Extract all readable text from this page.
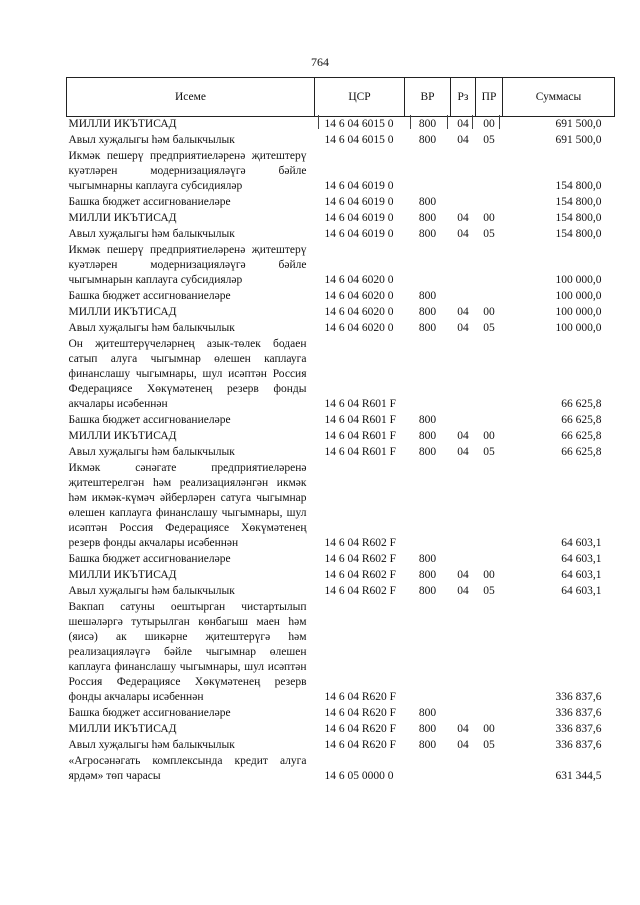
764
Исеме	ЦСР	ВР	Рз	ПР	Суммасы
МИЛЛИ ИКЪТИСАД	14 6 04 6015 0	800	04	00	691 500,0
Авыл хуҗалыгы һәм балыкчылык	14 6 04 6015 0	800	04	05	691 500,0
Икмәк пешерү предприятиеләренә җитештерү куәтләрен модернизацияләүгә бәйле чыгымнарны каплауга субсидияләр	14 6 04 6019 0				154 800,0
Башка бюджет ассигнованиеләре	14 6 04 6019 0	800			154 800,0
МИЛЛИ ИКЪТИСАД	14 6 04 6019 0	800	04	00	154 800,0
Авыл хуҗалыгы һәм балыкчылык	14 6 04 6019 0	800	04	05	154 800,0
Икмәк пешерү предприятиеләренә җитештерү куәтләрен модернизацияләүгә бәйле чыгымнарын каплауга субсидияләр	14 6 04 6020 0				100 000,0
Башка бюджет ассигнованиеләре	14 6 04 6020 0	800			100 000,0
МИЛЛИ ИКЪТИСАД	14 6 04 6020 0	800	04	00	100 000,0
Авыл хуҗалыгы һәм балыкчылык	14 6 04 6020 0	800	04	05	100 000,0
Он җитештерүчеләрнең азык-төлек бодаен сатып алуга чыгымнар өлешен каплауга финанслашу чыгымнары, шул исәптән Россия Федерациясе Хөкүмәтенең резерв фонды акчалары исәбеннән	14 6 04 R601 F				66 625,8
Башка бюджет ассигнованиеләре	14 6 04 R601 F	800			66 625,8
МИЛЛИ ИКЪТИСАД	14 6 04 R601 F	800	04	00	66 625,8
Авыл хуҗалыгы һәм балыкчылык	14 6 04 R601 F	800	04	05	66 625,8
Икмәк сәнәгате предприятиеләренә җитештерелгән һәм реализацияләнгән икмәк һәм икмәк-күмәч әйберләрен сатуга чыгымнар өлешен каплауга финанслашу чыгымнары, шул исәптән Россия Федерациясе Хөкүмәтенең резерв фонды акчалары исәбеннән	14 6 04 R602 F				64 603,1
Башка бюджет ассигнованиеләре	14 6 04 R602 F	800			64 603,1
МИЛЛИ ИКЪТИСАД	14 6 04 R602 F	800	04	00	64 603,1
Авыл хуҗалыгы һәм балыкчылык	14 6 04 R602 F	800	04	05	64 603,1
Вакпап сатуны оештырган чистартылып шешәләргә тутырылган көнбагыш маен һәм (яисә) ак шикәрне җитештерүгә һәм реализацияләүгә бәйле чыгымнар өлешен каплауга финанслашу чыгымнары, шул исәптән Россия Федерациясе Хөкүмәтенең резерв фонды акчалары исәбеннән	14 6 04 R620 F				336 837,6
Башка бюджет ассигнованиеләре	14 6 04 R620 F	800			336 837,6
МИЛЛИ ИКЪТИСАД	14 6 04 R620 F	800	04	00	336 837,6
Авыл хуҗалыгы һәм балыкчылык	14 6 04 R620 F	800	04	05	336 837,6
«Агросәнәгать комплексында кредит алуга ярдәм» төп чарасы	14 6 05 0000 0				631 344,5
